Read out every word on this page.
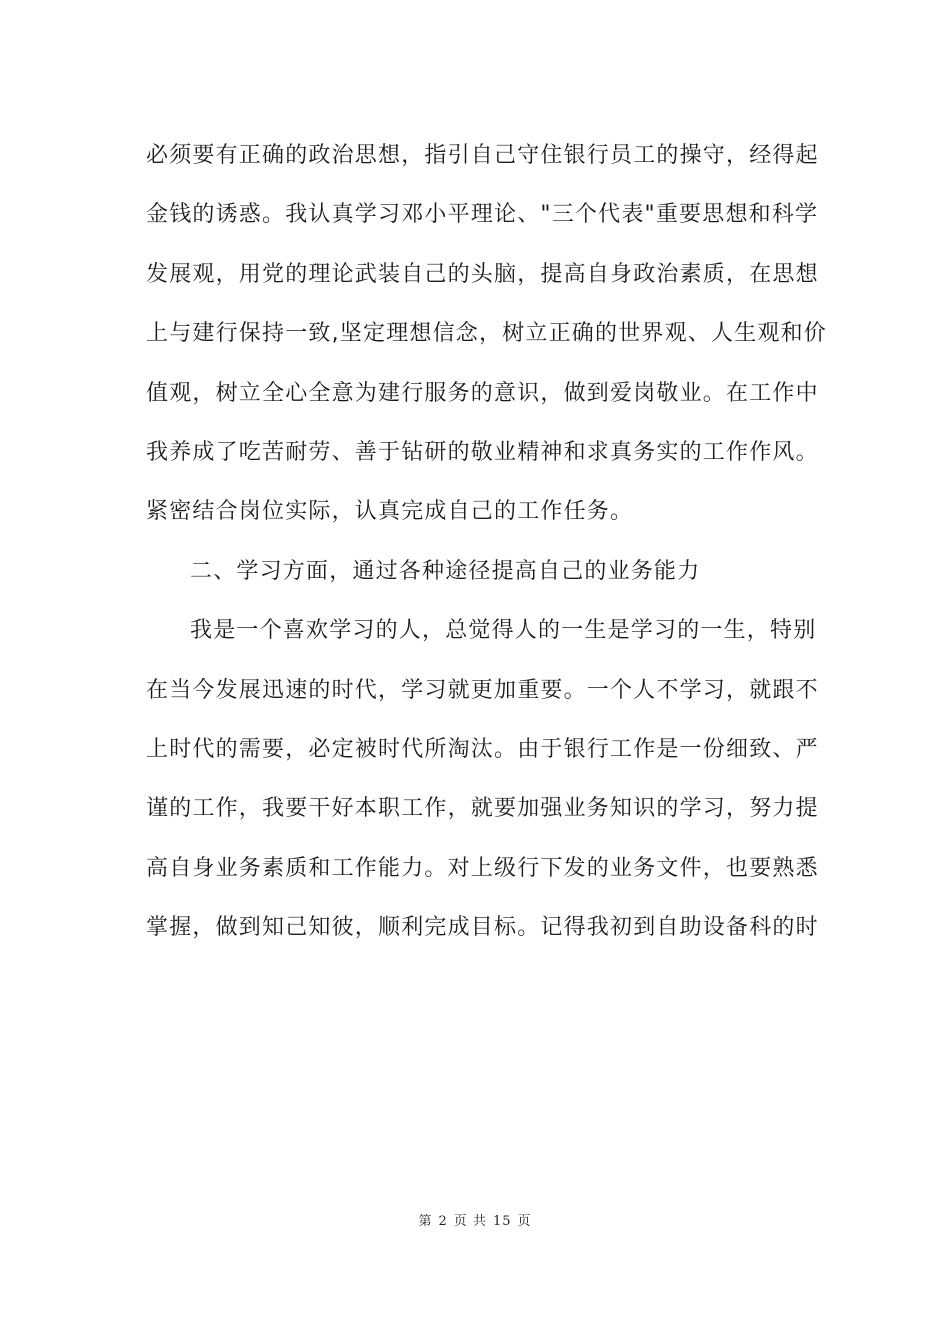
必须要有正确的政治思想，指引自己守住银行员工的操守，经得起
金钱的诱惑。我认真学习邓小平理论、"三个代表"重要思想和科学
发展观，用党的理论武装自己的头脑，提高自身政治素质，在思想
上与建行保持一致,坚定理想信念，树立正确的世界观、人生观和价
值观，树立全心全意为建行服务的意识，做到爱岗敬业。在工作中
我养成了吃苦耐劳、善于钻研的敬业精神和求真务实的工作作风。
紧密结合岗位实际，认真完成自己的工作任务。
二、学习方面，通过各种途径提高自己的业务能力
我是一个喜欢学习的人，总觉得人的一生是学习的一生，特别
在当今发展迅速的时代，学习就更加重要。一个人不学习，就跟不
上时代的需要，必定被时代所淘汰。由于银行工作是一份细致、严
谨的工作，我要干好本职工作，就要加强业务知识的学习，努力提
高自身业务素质和工作能力。对上级行下发的业务文件，也要熟悉
掌握，做到知己知彼，顺利完成目标。记得我初到自助设备科的时
第 2 页 共 15 页
